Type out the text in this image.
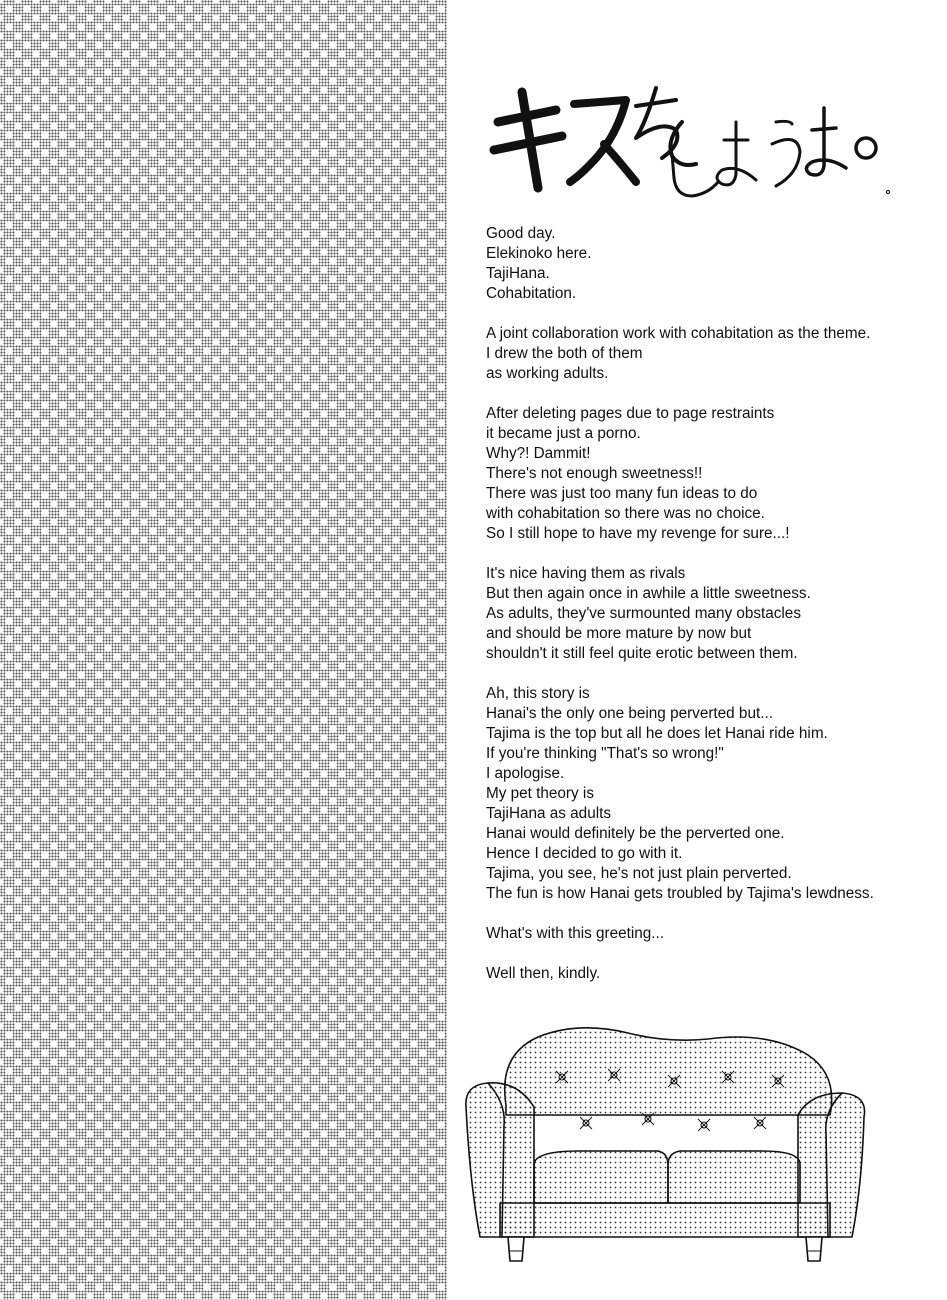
Good day.
Elekinoko here.
TajiHana.
Cohabitation.

A joint collaboration work with cohabitation as the theme.
I drew the both of them
as working adults.

After deleting pages due to page restraints
it became just a porno.
Why?! Dammit!
There's not enough sweetness!!
There was just too many fun ideas to do
with cohabitation so there was no choice.
So I still hope to have my revenge for sure...!

It's nice having them as rivals
But then again once in awhile a little sweetness.
As adults, they've surmounted many obstacles
and should be more mature by now but
shouldn't it still feel quite erotic between them.

Ah, this story is
Hanai's the only one being perverted but...
Tajima is the top but all he does let Hanai ride him.
If you're thinking "That's so wrong!"
I apologise.
My pet theory is
TajiHana as adults
Hanai would definitely be the perverted one.
Hence I decided to go with it.
Tajima, you see, he's not just plain perverted.
The fun is how Hanai gets troubled by Tajima's lewdness.

What's with this greeting...

Well then, kindly.
